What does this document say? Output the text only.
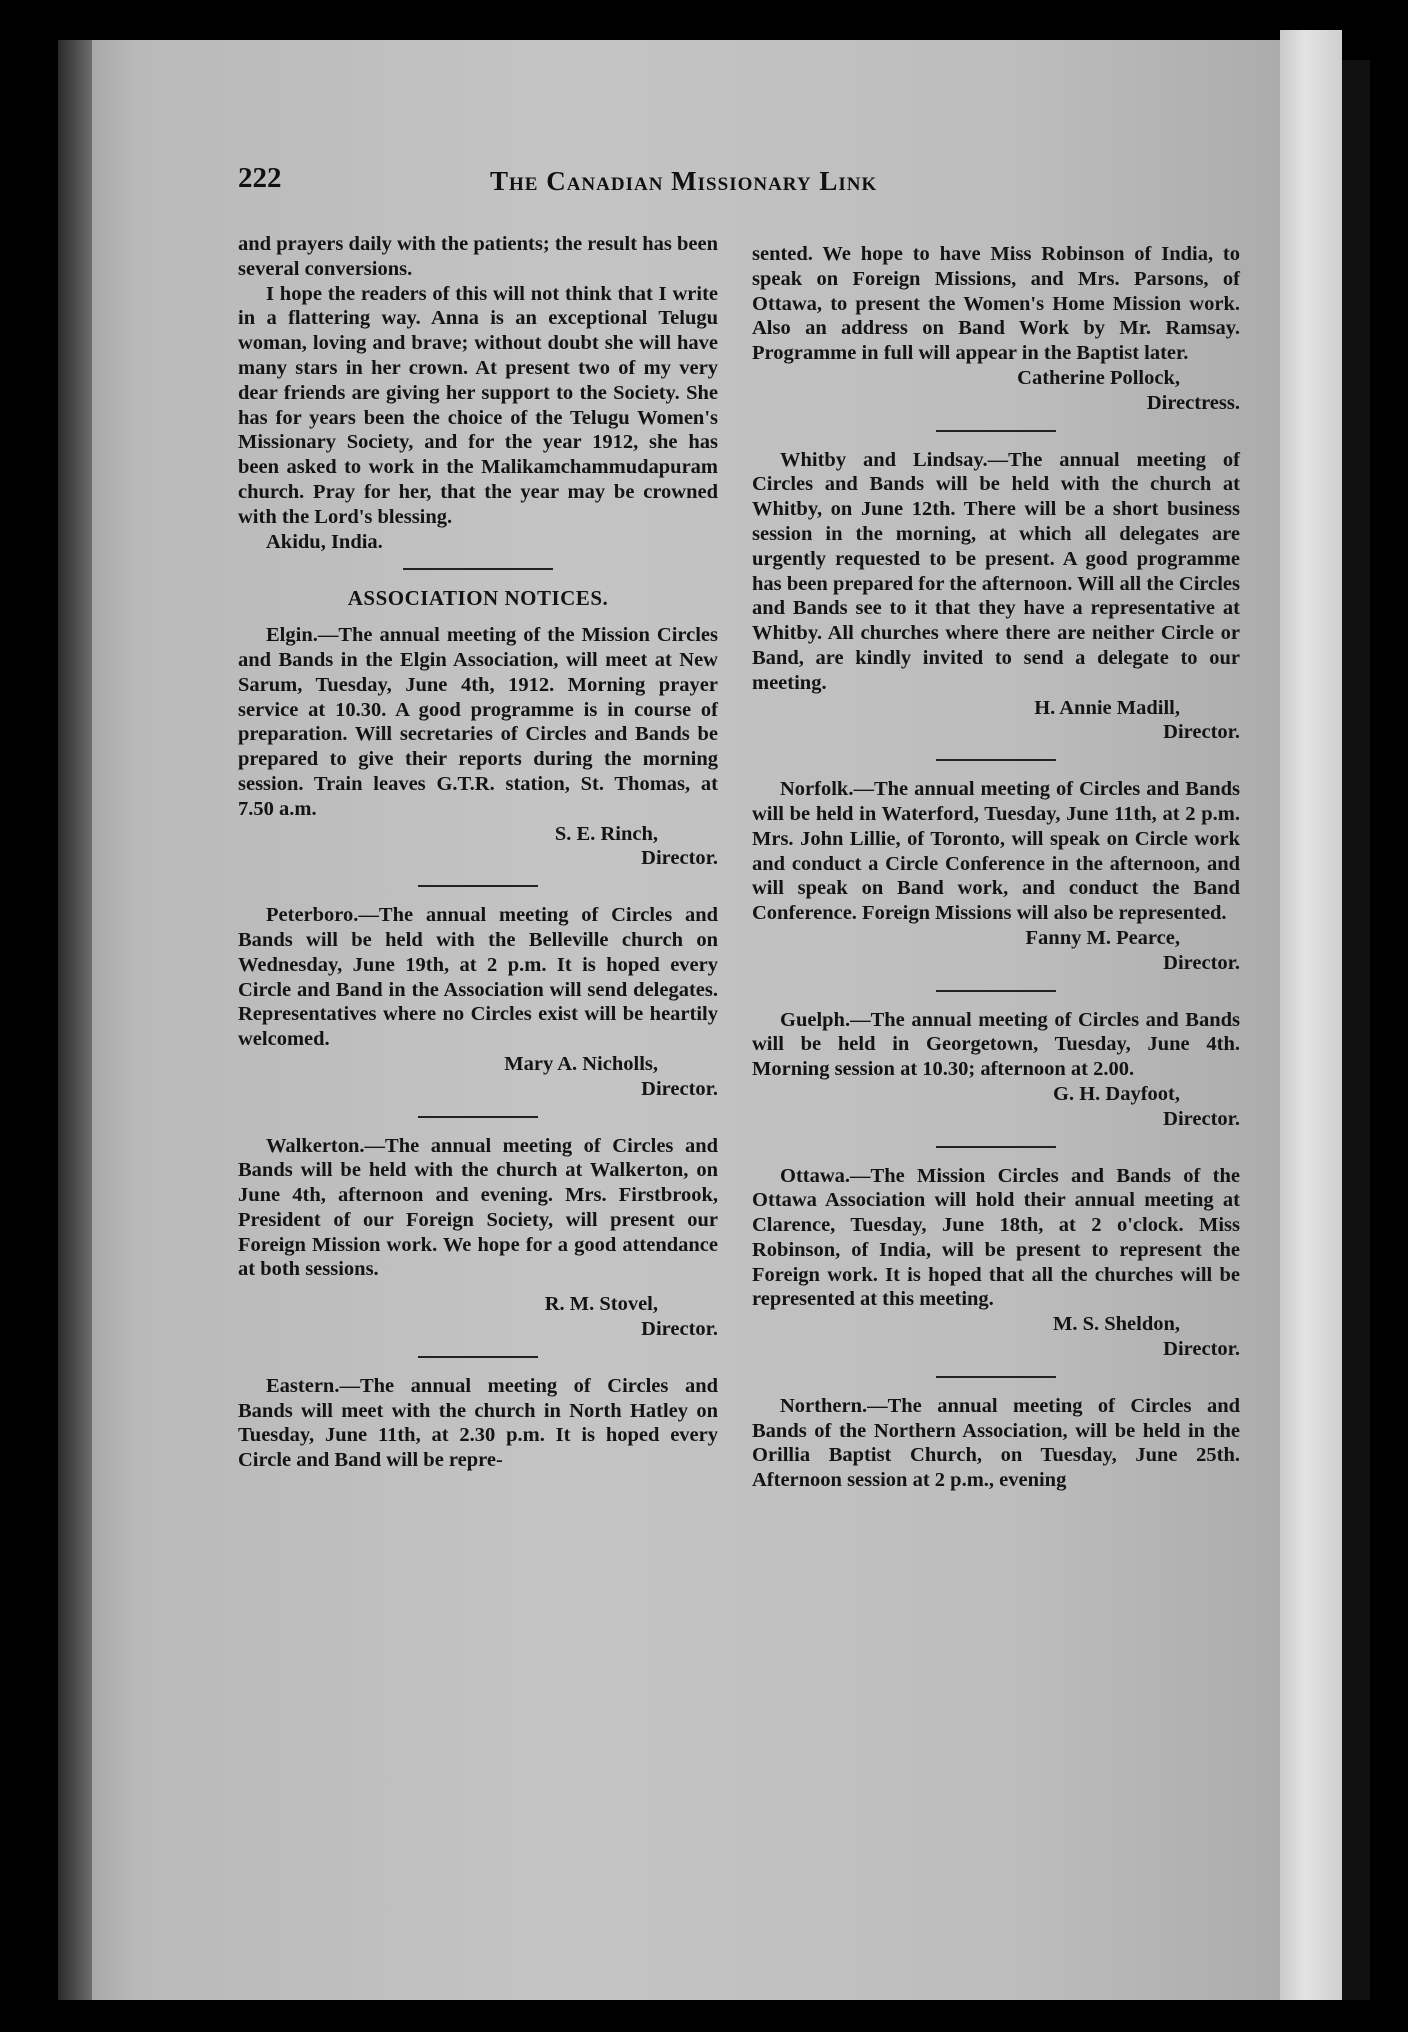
222	The Canadian Missionary Link

and prayers daily with the patients; the result has been several conversions.

I hope the readers of this will not think that I write in a flattering way. Anna is an exceptional Telugu woman, loving and brave; without doubt she will have many stars in her crown. At present two of my very dear friends are giving her support to the Society. She has for years been the choice of the Telugu Women's Missionary Society, and for the year 1912, she has been asked to work in the Malikamchammudapuram church. Pray for her, that the year may be crowned with the Lord's blessing.

Akidu, India.

ASSOCIATION NOTICES.

Elgin.—The annual meeting of the Mission Circles and Bands in the Elgin Association, will meet at New Sarum, Tuesday, June 4th, 1912. Morning prayer service at 10.30. A good programme is in course of preparation. Will secretaries of Circles and Bands be prepared to give their reports during the morning session. Train leaves G.T.R. station, St. Thomas, at 7.50 a.m.

S. E. Rinch,
Director.

Peterboro.—The annual meeting of Circles and Bands will be held with the Belleville church on Wednesday, June 19th, at 2 p.m. It is hoped every Circle and Band in the Association will send delegates. Representatives where no Circles exist will be heartily welcomed.

Mary A. Nicholls,
Director.

Walkerton.—The annual meeting of Circles and Bands will be held with the church at Walkerton, on June 4th, afternoon and evening. Mrs. Firstbrook, President of our Foreign Society, will present our Foreign Mission work. We hope for a good attendance at both sessions.

R. M. Stovel,
Director.

Eastern.—The annual meeting of Circles and Bands will meet with the church in North Hatley on Tuesday, June 11th, at 2.30 p.m. It is hoped every Circle and Band will be repre-

sented. We hope to have Miss Robinson of India, to speak on Foreign Missions, and Mrs. Parsons, of Ottawa, to present the Women's Home Mission work. Also an address on Band Work by Mr. Ramsay. Programme in full will appear in the Baptist later.

Catherine Pollock,
Directress.

Whitby and Lindsay.—The annual meeting of Circles and Bands will be held with the church at Whitby, on June 12th. There will be a short business session in the morning, at which all delegates are urgently requested to be present. A good programme has been prepared for the afternoon. Will all the Circles and Bands see to it that they have a representative at Whitby. All churches where there are neither Circle or Band, are kindly invited to send a delegate to our meeting.

H. Annie Madill,
Director.

Norfolk.—The annual meeting of Circles and Bands will be held in Waterford, Tuesday, June 11th, at 2 p.m. Mrs. John Lillie, of Toronto, will speak on Circle work and conduct a Circle Conference in the afternoon, and will speak on Band work, and conduct the Band Conference. Foreign Missions will also be represented.

Fanny M. Pearce,
Director.

Guelph.—The annual meeting of Circles and Bands will be held in Georgetown, Tuesday, June 4th. Morning session at 10.30; afternoon at 2.00.

G. H. Dayfoot,
Director.

Ottawa.—The Mission Circles and Bands of the Ottawa Association will hold their annual meeting at Clarence, Tuesday, June 18th, at 2 o'clock. Miss Robinson, of India, will be present to represent the Foreign work. It is hoped that all the churches will be represented at this meeting.

M. S. Sheldon,
Director.

Northern.—The annual meeting of Circles and Bands of the Northern Association, will be held in the Orillia Baptist Church, on Tuesday, June 25th. Afternoon session at 2 p.m., evening
